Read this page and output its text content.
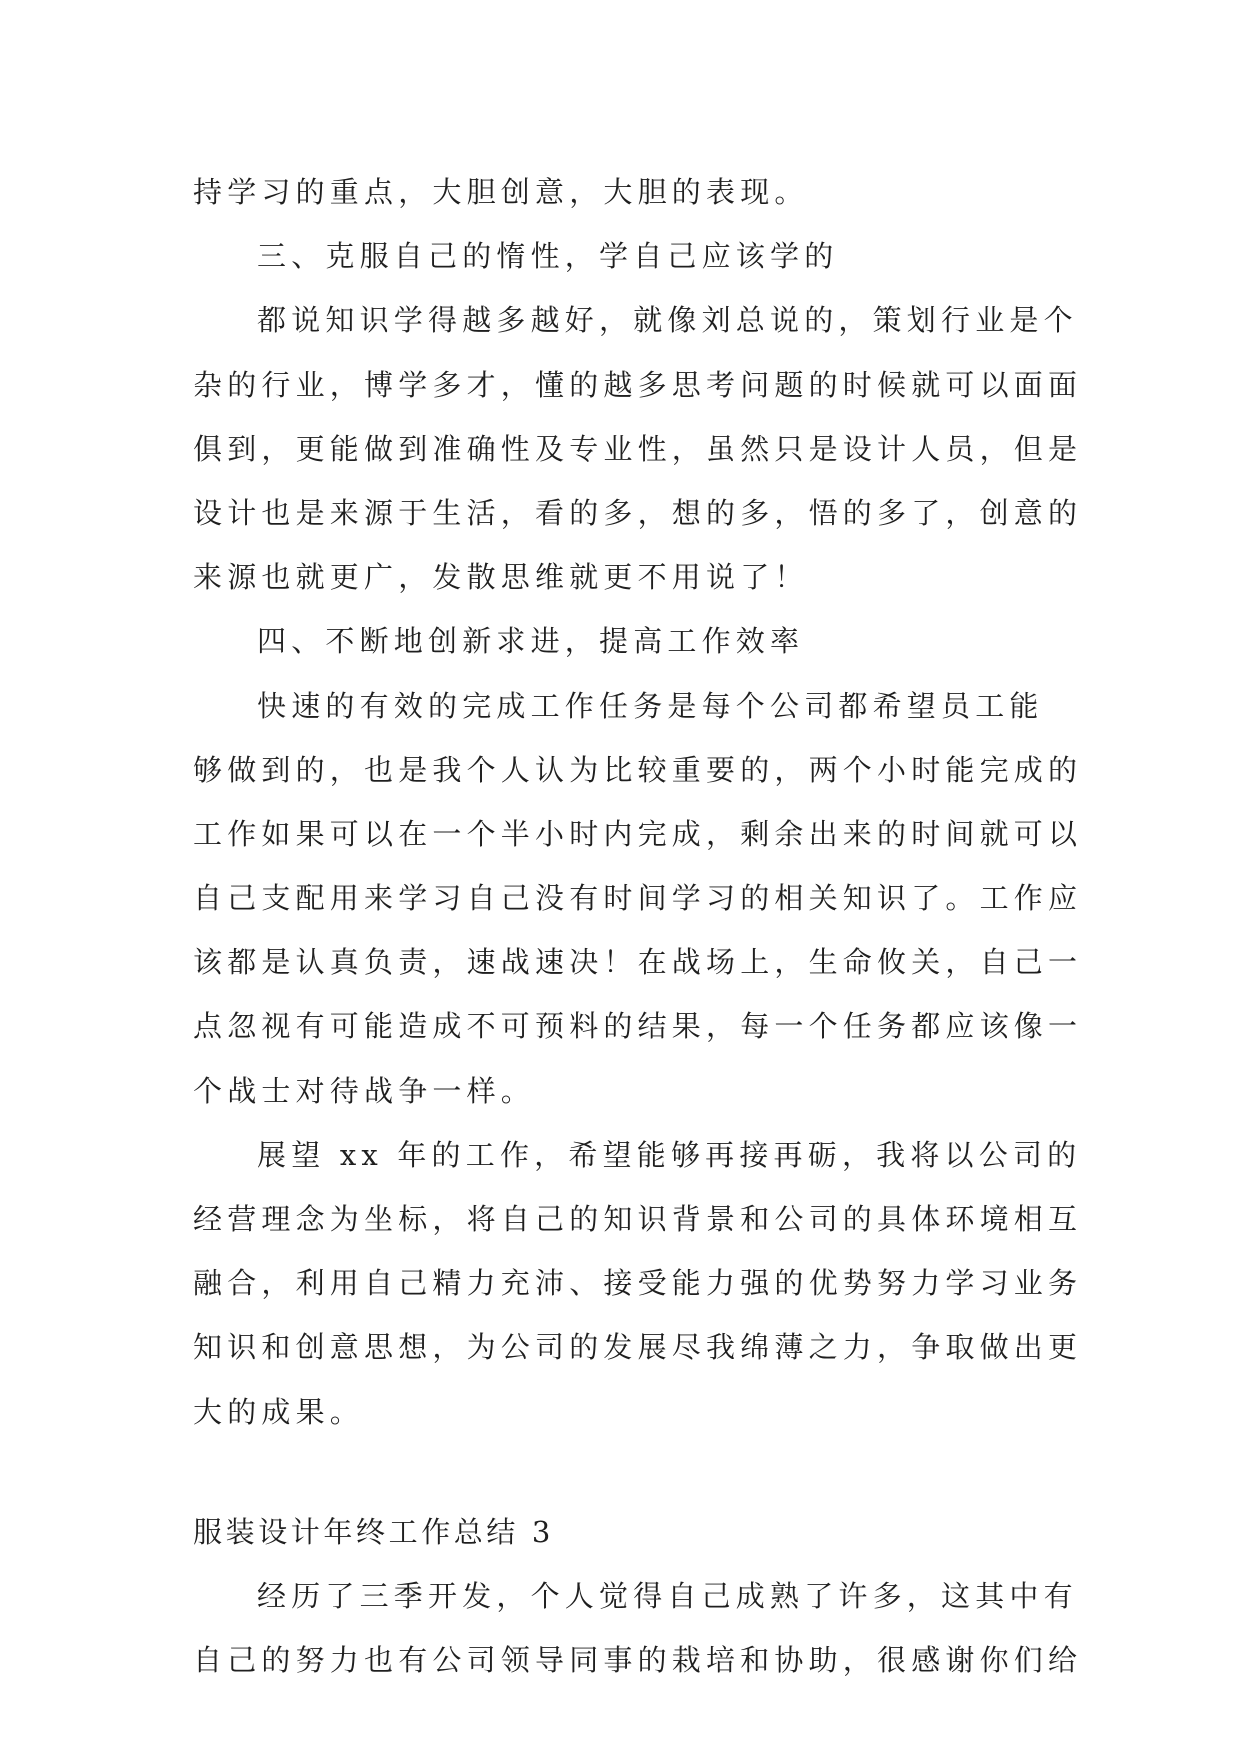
持学习的重点，大胆创意，大胆的表现。
三、克服自己的惰性，学自己应该学的
都说知识学得越多越好，就像刘总说的，策划行业是个
杂的行业，博学多才，懂的越多思考问题的时候就可以面面
俱到，更能做到准确性及专业性，虽然只是设计人员，但是
设计也是来源于生活，看的多，想的多，悟的多了，创意的
来源也就更广，发散思维就更不用说了！
四、不断地创新求进，提高工作效率
快速的有效的完成工作任务是每个公司都希望员工能
够做到的，也是我个人认为比较重要的，两个小时能完成的
工作如果可以在一个半小时内完成，剩余出来的时间就可以
自己支配用来学习自己没有时间学习的相关知识了。工作应
该都是认真负责，速战速决！在战场上，生命攸关，自己一
点忽视有可能造成不可预料的结果，每一个任务都应该像一
个战士对待战争一样。
展望 xx 年的工作，希望能够再接再砺，我将以公司的
经营理念为坐标，将自己的知识背景和公司的具体环境相互
融合，利用自己精力充沛、接受能力强的优势努力学习业务
知识和创意思想，为公司的发展尽我绵薄之力，争取做出更
大的成果。
服装设计年终工作总结 3
经历了三季开发，个人觉得自己成熟了许多，这其中有
自己的努力也有公司领导同事的栽培和协助，很感谢你们给
